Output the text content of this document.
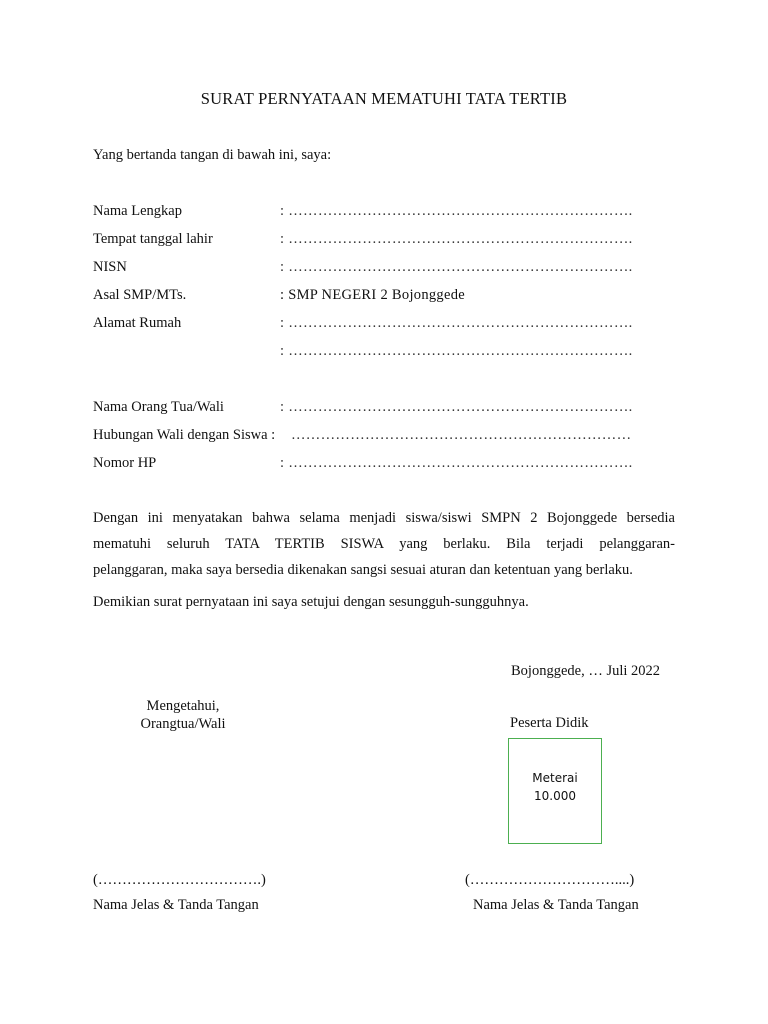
SURAT PERNYATAAN MEMATUHI TATA TERTIB
Yang bertanda tangan di bawah ini, saya:
Nama Lengkap	: …………………………………………………………….
Tempat tanggal lahir	: …………………………………………………………….
NISN	: …………………………………………………………….
Asal SMP/MTs.	: SMP NEGERI 2 Bojonggede
Alamat Rumah	: …………………………………………………………….
: …………………………………………………………….
Nama Orang Tua/Wali	: …………………………………………………………….
Hubungan Wali dengan Siswa : ……………………………………………………………
Nomor HP	: …………………………………………………………….
Dengan ini menyatakan bahwa selama menjadi siswa/siswi SMPN 2 Bojonggede bersedia
mematuhi seluruh TATA TERTIB SISWA yang berlaku. Bila terjadi pelanggaran-
pelanggaran, maka saya bersedia dikenakan sangsi sesuai aturan dan ketentuan yang berlaku.
Demikian surat pernyataan ini saya setujui dengan sesungguh-sungguhnya.
Bojonggede, … Juli 2022
Mengetahui,
Orangtua/Wali	Peserta Didik
Meterai
10.000
(…………………………….)	(…………………………....)
Nama Jelas & Tanda Tangan	Nama Jelas & Tanda Tangan
